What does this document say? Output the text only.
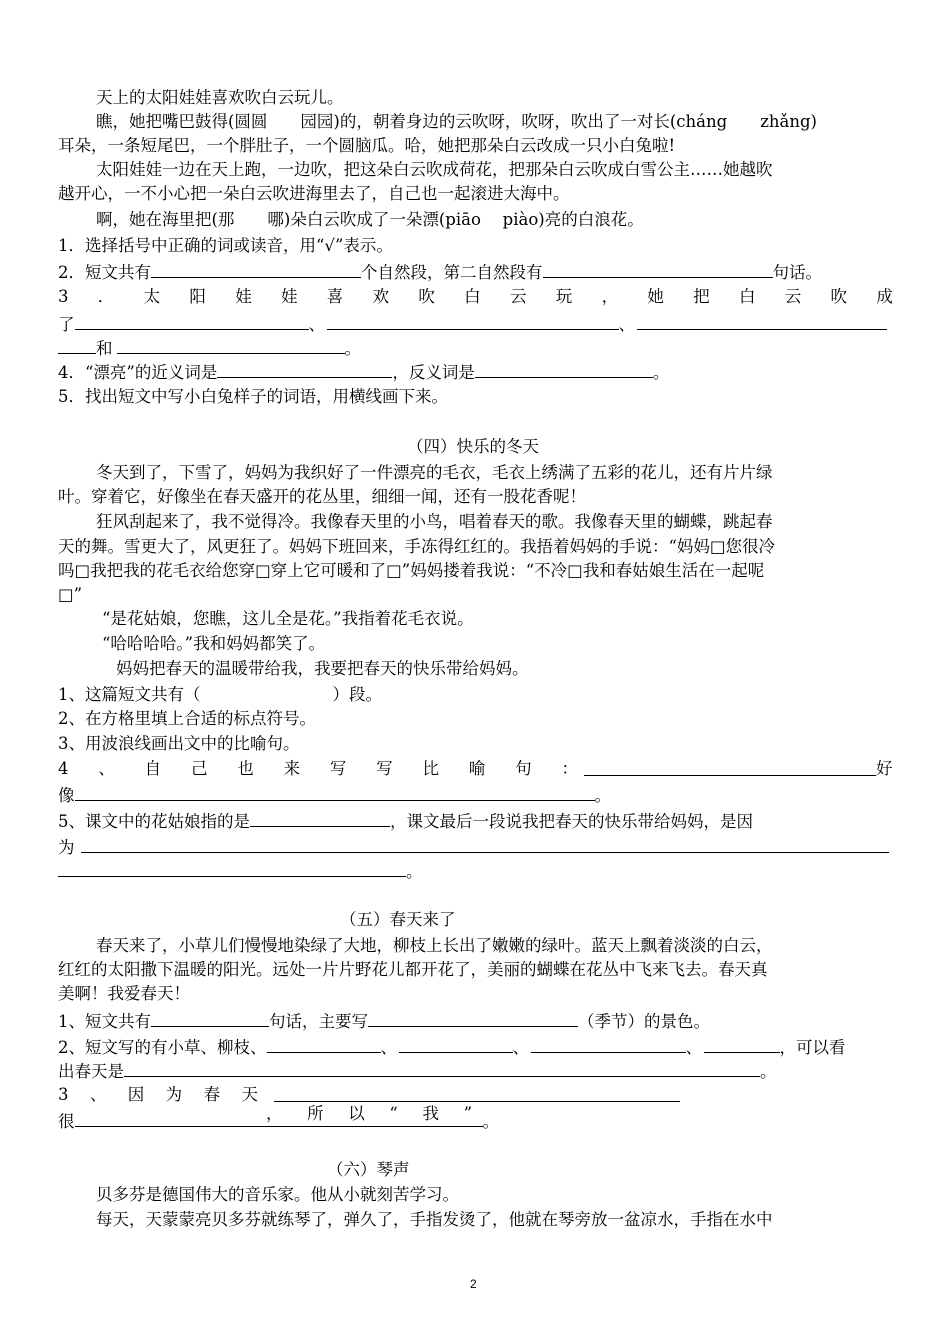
天上的太阳娃娃喜欢吹白云玩儿。
瞧，她把嘴巴鼓得(圆圆　　园园)的，朝着身边的云吹呀，吹呀，吹出了一对长(cháng　　zhǎng)
耳朵，一条短尾巴，一个胖肚子，一个圆脑瓜。哈，她把那朵白云改成一只小白兔啦!
太阳娃娃一边在天上跑，一边吹，把这朵白云吹成荷花，把那朵白云吹成白雪公主……她越吹
越开心，一不小心把一朵白云吹进海里去了，自己也一起滚进大海中。
啊，她在海里把(那　　哪)朵白云吹成了一朵漂(piāo　 piào)亮的白浪花。
1．选择括号中正确的词或读音，用“√”表示。
2．短文共有	个自然段，第二自然段有	句话。
3 ． 太 阳 娃 娃 喜 欢 吹 白 云 玩 ， 她 把 白 云 吹 成
了	、	、
和	。
4．“漂亮”的近义词是	，反义词是	。
5．找出短文中写小白兔样子的词语，用横线画下来。
（四）快乐的冬天
冬天到了，下雪了，妈妈为我织好了一件漂亮的毛衣，毛衣上绣满了五彩的花儿，还有片片绿
叶。穿着它，好像坐在春天盛开的花丛里，细细一闻，还有一股花香呢！
狂风刮起来了，我不觉得冷。我像春天里的小鸟，唱着春天的歌。我像春天里的蝴蝶，跳起春
天的舞。雪更大了，风更狂了。妈妈下班回来，手冻得红红的。我捂着妈妈的手说：“妈妈□您很冷
吗□我把我的花毛衣给您穿□穿上它可暖和了□”妈妈搂着我说：“不冷□我和春姑娘生活在一起呢
□”
“是花姑娘，您瞧，这儿全是花。”我指着花毛衣说。
“哈哈哈哈。”我和妈妈都笑了。
妈妈把春天的温暖带给我，我要把春天的快乐带给妈妈。
1、这篇短文共有（　　　　　　　　）段。
2、在方格里填上合适的标点符号。
3、用波浪线画出文中的比喻句。
4 、 自 己 也 来 写 写 比 喻 句 ：	好
像	。
5、课文中的花姑娘指的是	，课文最后一段说我把春天的快乐带给妈妈，是因
为
。
（五）春天来了
春天来了，小草儿们慢慢地染绿了大地，柳枝上长出了嫩嫩的绿叶。蓝天上飘着淡淡的白云，
红红的太阳撒下温暖的阳光。远处一片片野花儿都开花了，美丽的蝴蝶在花丛中飞来飞去。春天真
美啊！我爱春天！
1、短文共有	句话，主要写	（季节）的景色。
2、短文写的有小草、柳枝、	、	、	、	，可以看
出春天是	。
3 、 因 为 春 天
， 所 以 “ 我 ”
很	。
（六）琴声
贝多芬是德国伟大的音乐家。他从小就刻苦学习。
每天，天蒙蒙亮贝多芬就练琴了，弹久了，手指发烫了，他就在琴旁放一盆凉水，手指在水中
2
